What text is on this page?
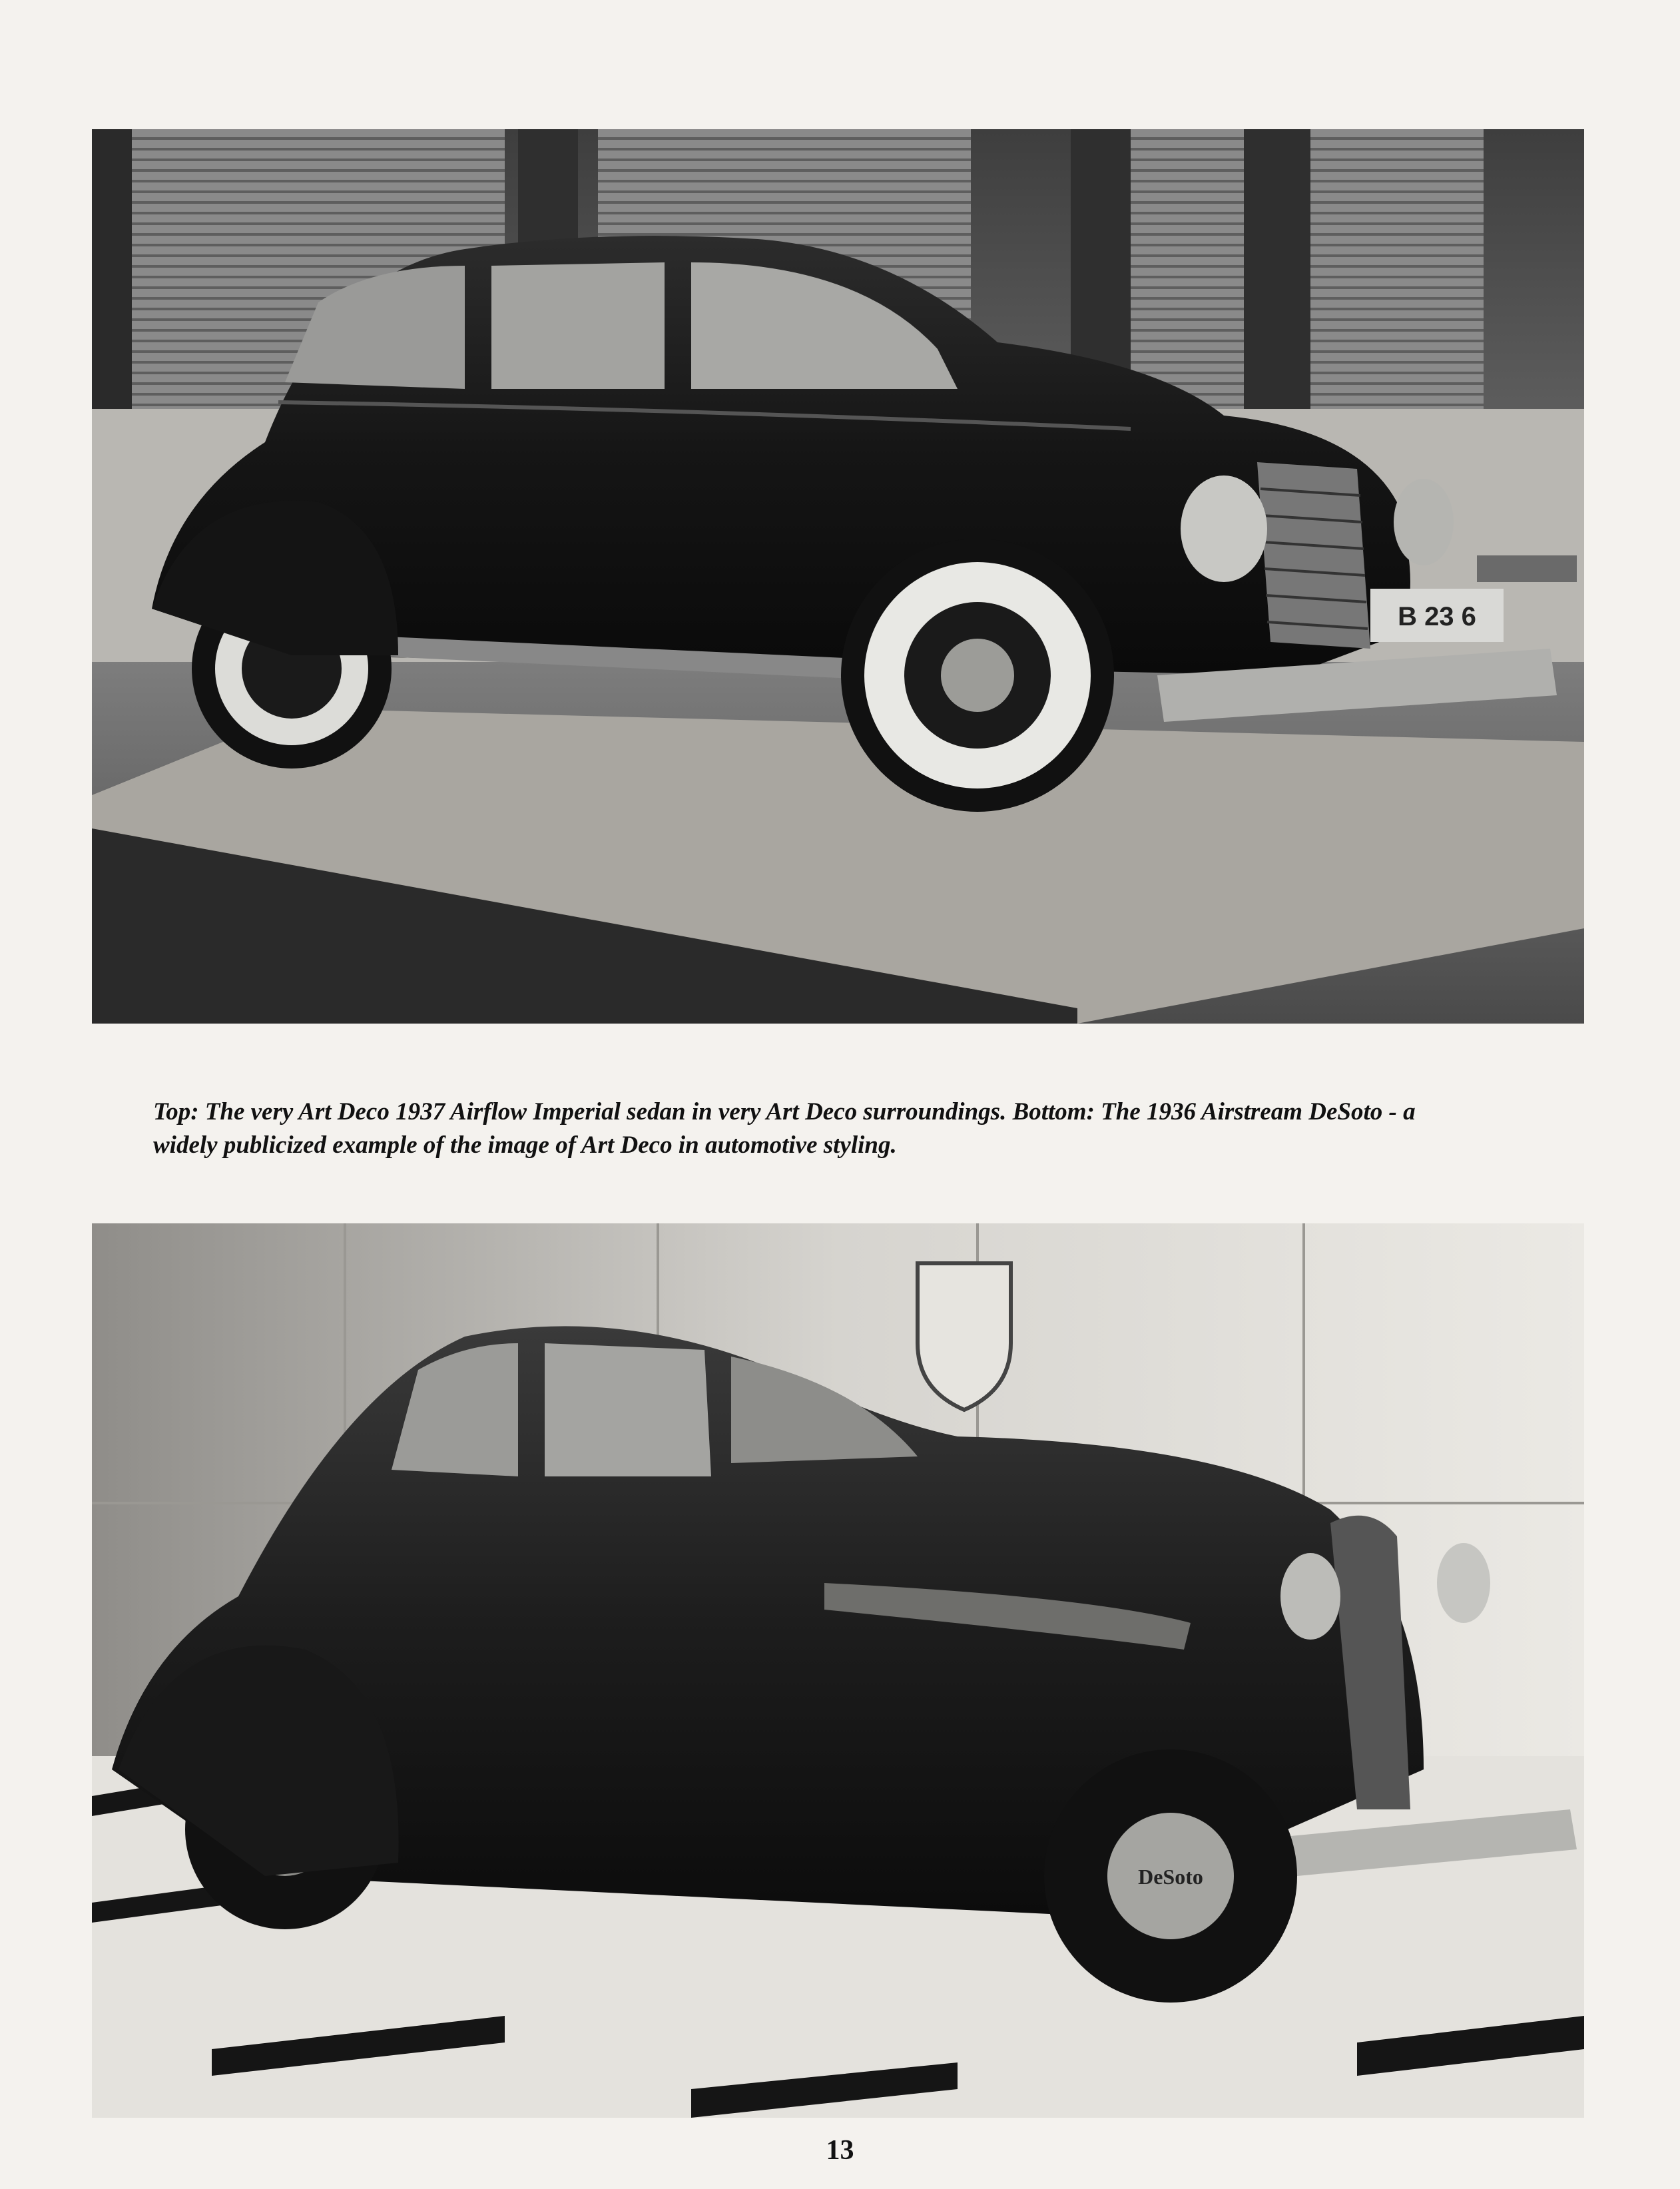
B 23 6
Top: The very Art Deco 1937 Airflow Imperial sedan in very Art Deco surroundings. Bottom: The 1936 Airstream DeSoto - a
widely publicized example of the image of Art Deco in automotive styling.
DeSoto
13
